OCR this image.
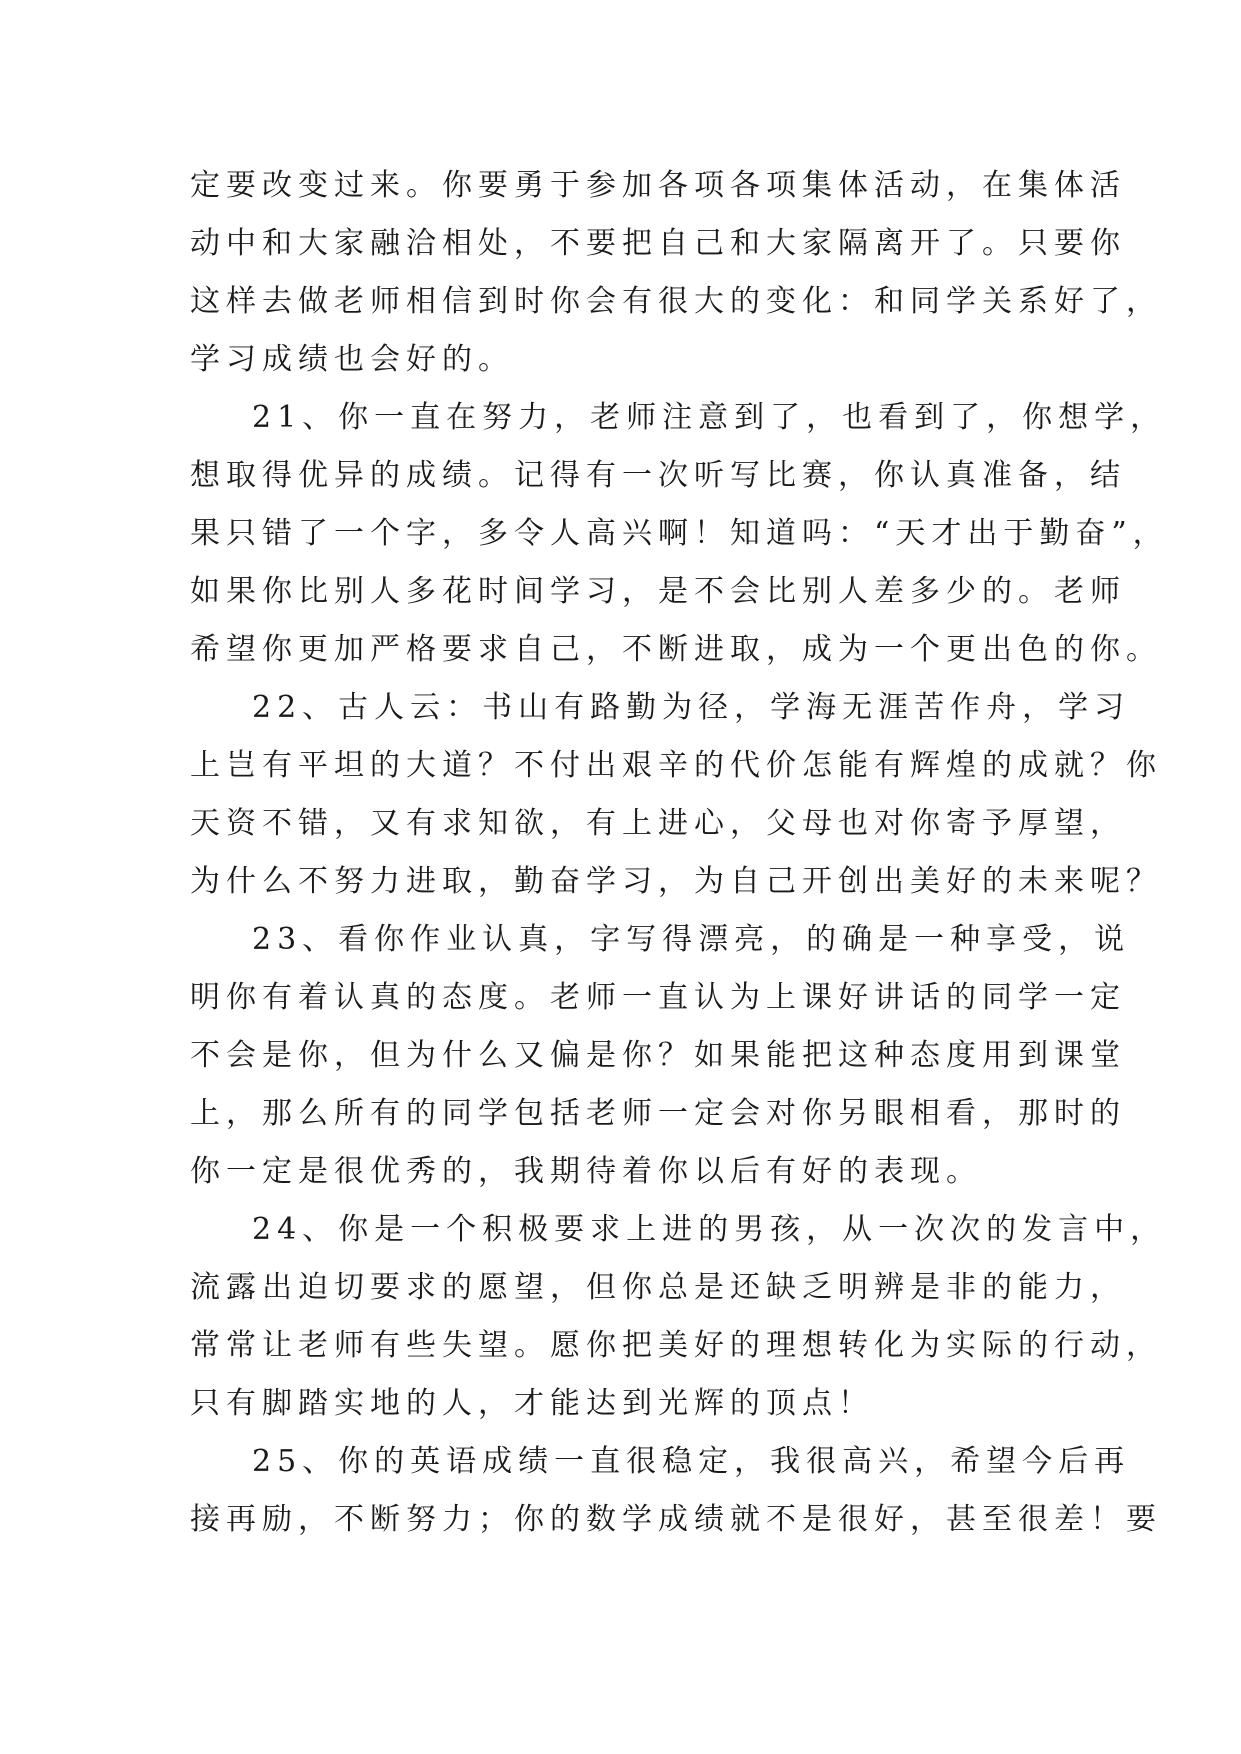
定要改变过来。你要勇于参加各项各项集体活动，在集体活
动中和大家融洽相处，不要把自己和大家隔离开了。只要你
这样去做老师相信到时你会有很大的变化：和同学关系好了，
学习成绩也会好的。
21、你一直在努力，老师注意到了，也看到了，你想学，
想取得优异的成绩。记得有一次听写比赛，你认真准备，结
果只错了一个字，多令人高兴啊！知道吗：“天才出于勤奋”，
如果你比别人多花时间学习，是不会比别人差多少的。老师
希望你更加严格要求自己，不断进取，成为一个更出色的你。
22、古人云：书山有路勤为径，学海无涯苦作舟，学习
上岂有平坦的大道？不付出艰辛的代价怎能有辉煌的成就？你
天资不错，又有求知欲，有上进心，父母也对你寄予厚望，
为什么不努力进取，勤奋学习，为自己开创出美好的未来呢？
23、看你作业认真，字写得漂亮，的确是一种享受，说
明你有着认真的态度。老师一直认为上课好讲话的同学一定
不会是你，但为什么又偏是你？如果能把这种态度用到课堂
上，那么所有的同学包括老师一定会对你另眼相看，那时的
你一定是很优秀的，我期待着你以后有好的表现。
24、你是一个积极要求上进的男孩，从一次次的发言中，
流露出迫切要求的愿望，但你总是还缺乏明辨是非的能力，
常常让老师有些失望。愿你把美好的理想转化为实际的行动，
只有脚踏实地的人，才能达到光辉的顶点！
25、你的英语成绩一直很稳定，我很高兴，希望今后再
接再励，不断努力；你的数学成绩就不是很好，甚至很差！要
